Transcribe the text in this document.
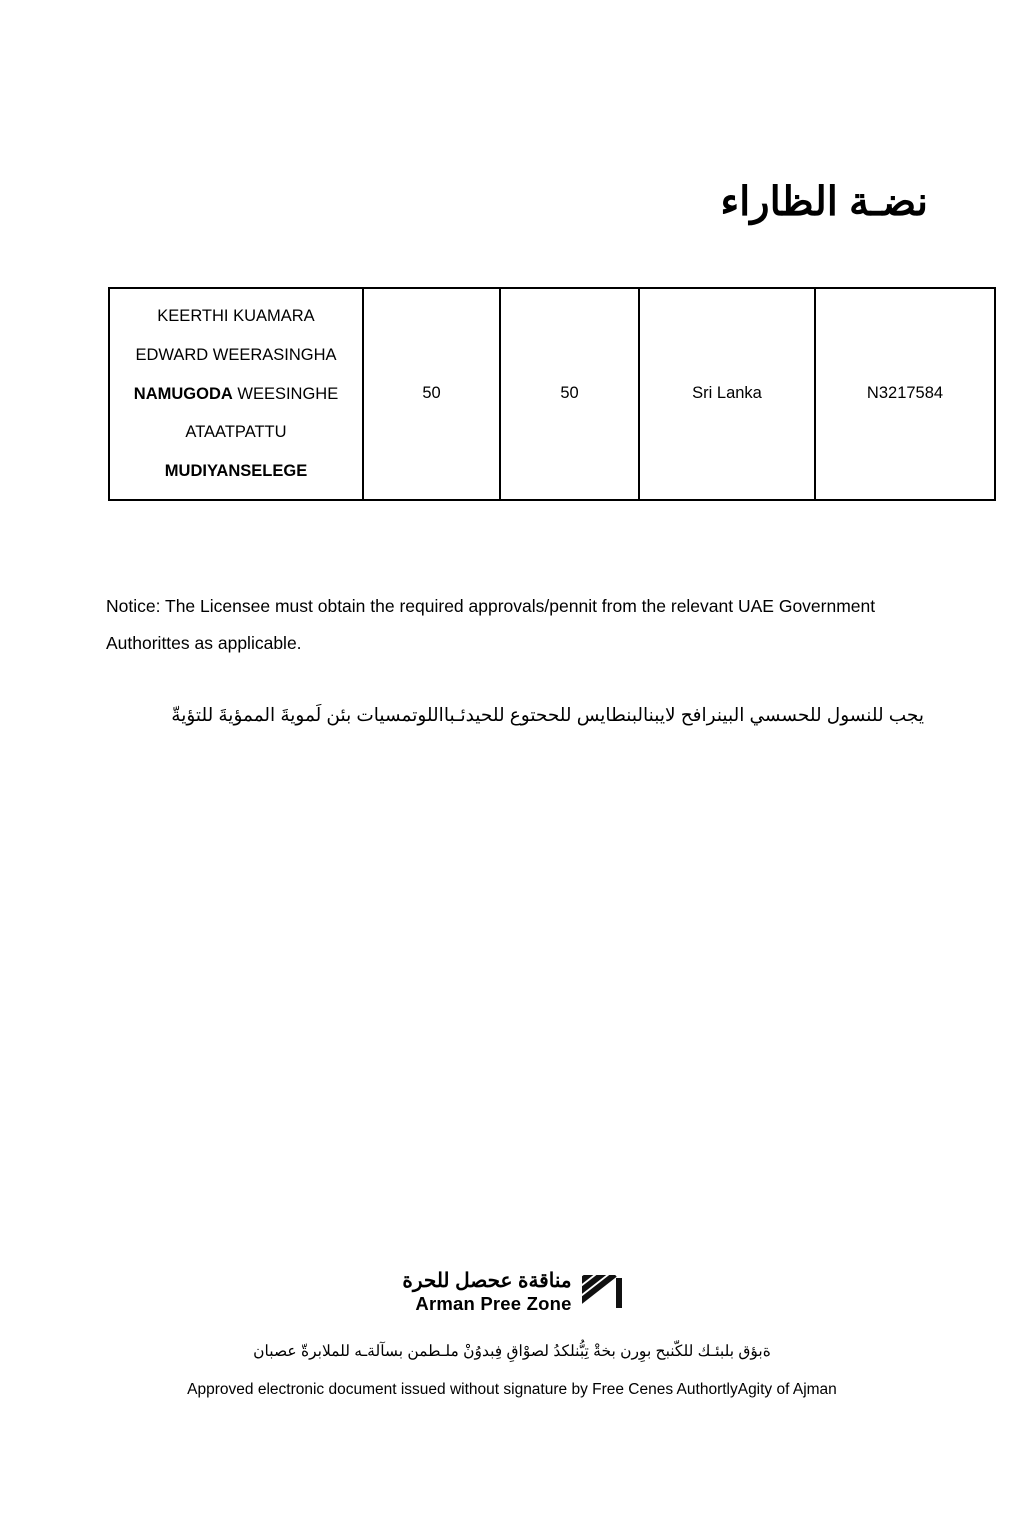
نضـة الظاراء
KEERTHI KUAMARA
EDWARD WEERASINGHA
NAMUGODA WEESINGHE
ATAATPATTU
MUDIYANSELEGE
	50	50	Sri Lanka	N3217584
Notice: The Licensee must obtain the required approvals/pennit from the relevant UAE Government Authorittes as applicable.
يجب للنسول للحسسي البينرافح لايبنالبنطايس للححتوع للحيدئـبااللوتمسيات بئن لَمويةَ الممؤيةَ للتؤيةّ
مناقةة عحصل للحرة
Arman Pree Zone
ةبؤق بلبئـك للكّنبح بوِرن بخةْ تِبُّنلكدُ لصوْاقِ فِبدوُنْ ملـطمن بسآلةـه للملابرةّ عصبان
Approved electronic document issued without signature by Free Cenes AuthortlyAgity of Ajman
